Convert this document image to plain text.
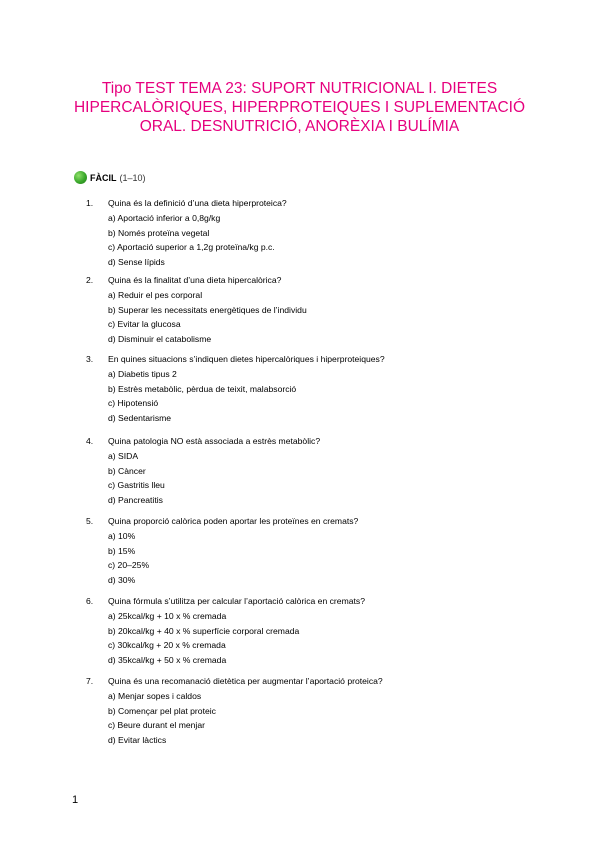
Tipo TEST TEMA 23: SUPORT NUTRICIONAL I. DIETES
HIPERCALÒRIQUES, HIPERPROTEIQUES I SUPLEMENTACIÓ
ORAL. DESNUTRICIÓ, ANORÈXIA I BULÍMIA
FÀCIL (1–10)
1. Quina és la definició d’una dieta hiperproteica?
a) Aportació inferior a 0,8g/kg
b) Només proteïna vegetal
c) Aportació superior a 1,2g proteïna/kg p.c.
d) Sense lípids
2. Quina és la finalitat d’una dieta hipercalòrica?
a) Reduir el pes corporal
b) Superar les necessitats energètiques de l’individu
c) Evitar la glucosa
d) Disminuir el catabolisme
3. En quines situacions s’indiquen dietes hipercalòriques i hiperproteiques?
a) Diabetis tipus 2
b) Estrès metabòlic, pèrdua de teixit, malabsorció
c) Hipotensió
d) Sedentarisme
4. Quina patologia NO està associada a estrès metabòlic?
a) SIDA
b) Càncer
c) Gastritis lleu
d) Pancreatitis
5. Quina proporció calòrica poden aportar les proteïnes en cremats?
a) 10%
b) 15%
c) 20–25%
d) 30%
6. Quina fórmula s’utilitza per calcular l’aportació calòrica en cremats?
a) 25kcal/kg + 10 x % cremada
b) 20kcal/kg + 40 x % superfície corporal cremada
c) 30kcal/kg + 20 x % cremada
d) 35kcal/kg + 50 x % cremada
7. Quina és una recomanació dietètica per augmentar l’aportació proteica?
a) Menjar sopes i caldos
b) Començar pel plat proteic
c) Beure durant el menjar
d) Evitar làctics
1
